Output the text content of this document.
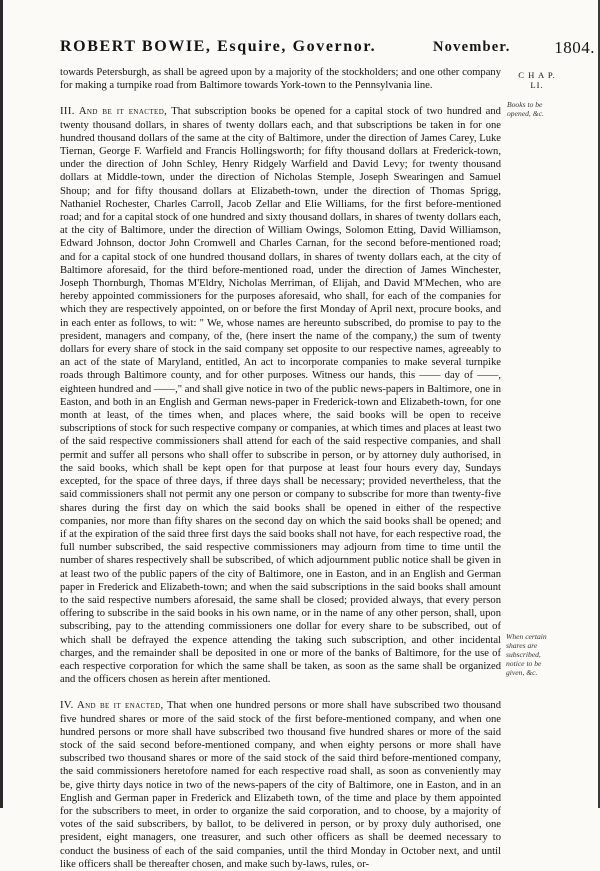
ROBERT BOWIE, Esquire, Governor.	November.	1804.
C H A P.
LI.
Books to be opened, &c.
When certain shares are subscribed, notice to be given, &c.

towards Petersburgh, as shall be agreed upon by a majority of the stockholders; and one other company for making a turnpike road from Baltimore towards York-town to the Pennsylvania line.

III. And be it enacted, That subscription books be opened for a capital stock of two hundred and twenty thousand dollars, in shares of twenty dollars each, and that subscriptions be taken in for one hundred thousand dollars of the same at the city of Baltimore, under the direction of James Carey, Luke Tiernan, George F. Warfield and Francis Hollingsworth; for fifty thousand dollars at Frederick-town, under the direction of John Schley, Henry Ridgely Warfield and David Levy; for twenty thousand dollars at Middle-town, under the direction of Nicholas Stemple, Joseph Swearingen and Samuel Shoup; and for fifty thousand dollars at Elizabeth-town, under the direction of Thomas Sprigg, Nathaniel Rochester, Charles Carroll, Jacob Zellar and Elie Williams, for the first before-mentioned road; and for a capital stock of one hundred and sixty thousand dollars, in shares of twenty dollars each, at the city of Baltimore, under the direction of William Owings, Solomon Etting, David Williamson, Edward Johnson, doctor John Cromwell and Charles Carnan, for the second before-mentioned road; and for a capital stock of one hundred thousand dollars, in shares of twenty dollars each, at the city of Baltimore aforesaid, for the third before-mentioned road, under the direction of James Winchester, Joseph Thornburgh, Thomas M'Eldry, Nicholas Merriman, of Elijah, and David M'Mechen, who are hereby appointed commissioners for the purposes aforesaid, who shall, for each of the companies for which they are respectively appointed, on or before the first Monday of April next, procure books, and in each enter as follows, to wit: " We, whose names are hereunto subscribed, do promise to pay to the president, managers and company, of the, (here insert the name of the company,) the sum of twenty dollars for every share of stock in the said company set opposite to our respective names, agreeably to an act of the state of Maryland, entitled, An act to incorporate companies to make several turnpike roads through Baltimore county, and for other purposes. Witness our hands, this —— day of ——, eighteen hundred and ——," and shall give notice in two of the public news-papers in Baltimore, one in Easton, and both in an English and German news-paper in Frederick-town and Elizabeth-town, for one month at least, of the times when, and places where, the said books will be open to receive subscriptions of stock for such respective company or companies, at which times and places at least two of the said respective commissioners shall attend for each of the said respective companies, and shall permit and suffer all persons who shall offer to subscribe in person, or by attorney duly authorised, in the said books, which shall be kept open for that purpose at least four hours every day, Sundays excepted, for the space of three days, if three days shall be necessary; provided nevertheless, that the said commissioners shall not permit any one person or company to subscribe for more than twenty-five shares during the first day on which the said books shall be opened in either of the respective companies, nor more than fifty shares on the second day on which the said books shall be opened; and if at the expiration of the said three first days the said books shall not have, for each respective road, the full number subscribed, the said respective commissioners may adjourn from time to time until the number of shares respectively shall be subscribed, of which adjournment public notice shall be given in at least two of the public papers of the city of Baltimore, one in Easton, and in an English and German paper in Frederick and Elizabeth-town; and when the said subscriptions in the said books shall amount to the said respective numbers aforesaid, the same shall be closed; provided always, that every person offering to subscribe in the said books in his own name, or in the name of any other person, shall, upon subscribing, pay to the attending commissioners one dollar for every share to be subscribed, out of which shall be defrayed the expence attending the taking such subscription, and other incidental charges, and the remainder shall be deposited in one or more of the banks of Baltimore, for the use of each respective corporation for which the same shall be taken, as soon as the same shall be organized and the officers chosen as herein after mentioned.

IV. And be it enacted, That when one hundred persons or more shall have subscribed two thousand five hundred shares or more of the said stock of the first before-mentioned company, and when one hundred persons or more shall have subscribed two thousand five hundred shares or more of the said stock of the said second before-mentioned company, and when eighty persons or more shall have subscribed two thousand shares or more of the said stock of the said third before-mentioned company, the said commissioners heretofore named for each respective road shall, as soon as conveniently may be, give thirty days notice in two of the news-papers of the city of Baltimore, one in Easton, and in an English and German paper in Frederick and Elizabeth town, of the time and place by them appointed for the subscribers to meet, in order to organize the said corporation, and to choose, by a majority of votes of the said subscribers, by ballot, to be delivered in person, or by proxy duly authorised, one president, eight managers, one treasurer, and such other officers as shall be deemed necessary to conduct the business of each of the said companies, until the third Monday in October next, and until like officers shall be thereafter chosen, and make such by-laws, rules, or-
